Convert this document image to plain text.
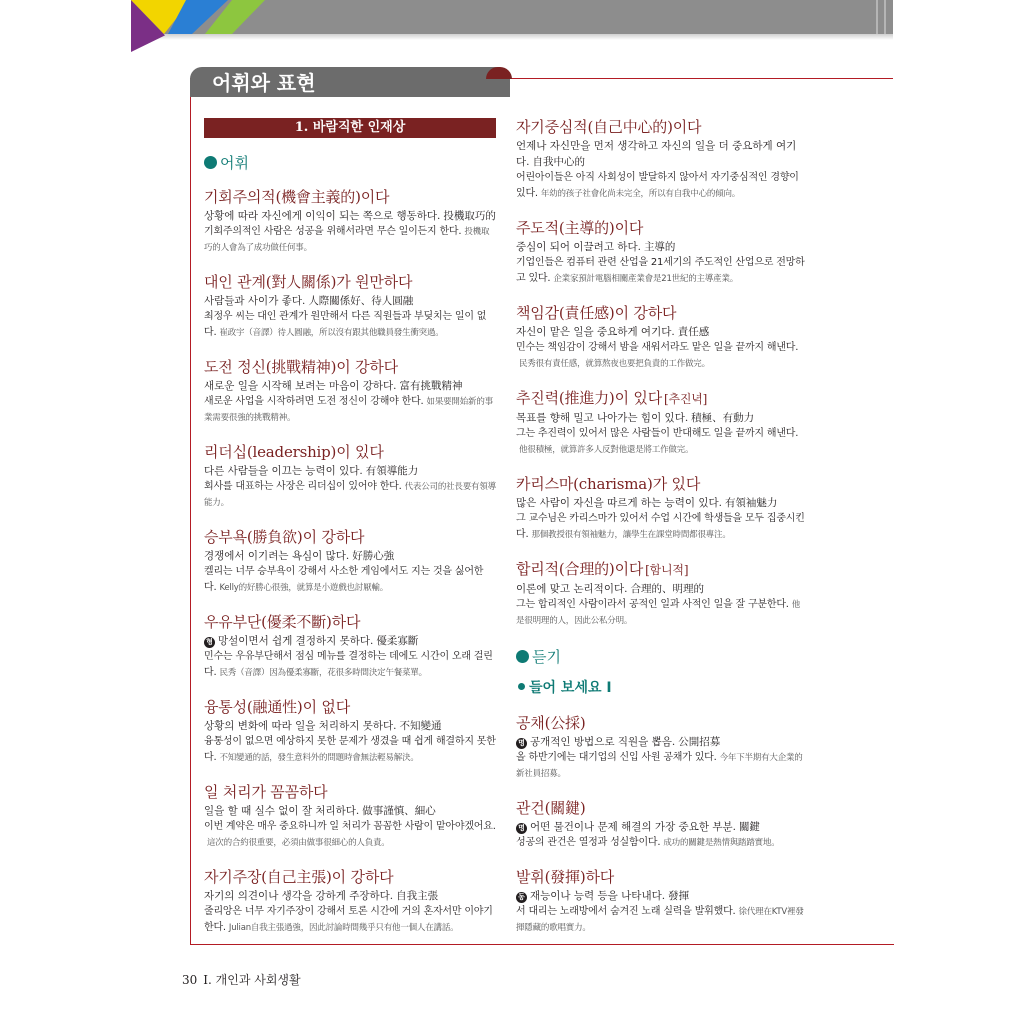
어휘와 표현
1. 바람직한 인재상
어휘
기회주의적(機會主義的)이다
상황에 따라 자신에게 이익이 되는 쪽으로 행동하다. 投機取巧的
기회주의적인 사람은 성공을 위해서라면 무슨 일이든지 한다. 投機取巧的人會為了成功做任何事。
대인 관계(對人關係)가 원만하다
사람들과 사이가 좋다. 人際關係好、待人圓融
최정우 씨는 대인 관계가 원만해서 다른 직원들과 부딪치는 일이 없다. 崔政宇（音譯）待人圓融，所以沒有跟其他職員發生衝突過。
도전 정신(挑戰精神)이 강하다
새로운 일을 시작해 보려는 마음이 강하다. 富有挑戰精神
새로운 사업을 시작하려면 도전 정신이 강해야 한다. 如果要開始新的事業需要很強的挑戰精神。
리더십(leadership)이 있다
다른 사람들을 이끄는 능력이 있다. 有領導能力
회사를 대표하는 사장은 리더십이 있어야 한다. 代表公司的社長要有領導能力。
승부욕(勝負欲)이 강하다
경쟁에서 이기려는 욕심이 많다. 好勝心強
켈리는 너무 승부욕이 강해서 사소한 게임에서도 지는 것을 싫어한다. Kelly的好勝心很強，就算是小遊戲也討厭輸。
우유부단(優柔不斷)하다
형 망설이면서 쉽게 결정하지 못하다. 優柔寡斷
민수는 우유부단해서 점심 메뉴를 결정하는 데에도 시간이 오래 걸린다. 民秀（音譯）因為優柔寡斷，花很多時間決定午餐菜單。
융통성(融通性)이 없다
상황의 변화에 따라 일을 처리하지 못하다. 不知變通
융통성이 없으면 예상하지 못한 문제가 생겼을 때 쉽게 해결하지 못한다. 不知變通的話，發生意料外的問題時會無法輕易解決。
일 처리가 꼼꼼하다
일을 할 때 실수 없이 잘 처리하다. 做事謹慎、細心
이번 계약은 매우 중요하니까 일 처리가 꼼꼼한 사람이 맡아야겠어요.這次的合約很重要，必須由做事很細心的人負責。
자기주장(自己主張)이 강하다
자기의 의견이나 생각을 강하게 주장하다. 自我主張
줄리앙은 너무 자기주장이 강해서 토론 시간에 거의 혼자서만 이야기한다. Julian自我主張過強，因此討論時間幾乎只有他一個人在講話。
자기중심적(自己中心的)이다
언제나 자신만을 먼저 생각하고 자신의 일을 더 중요하게 여기다. 自我中心的
어린아이들은 아직 사회성이 발달하지 않아서 자기중심적인 경향이 있다. 年幼的孩子社會化尚未完全，所以有自我中心的傾向。
주도적(主導的)이다
중심이 되어 이끌려고 하다. 主導的
기업인들은 컴퓨터 관련 산업을 21세기의 주도적인 산업으로 전망하고 있다. 企業家預計電腦相關產業會是21世紀的主導產業。
책임감(責任感)이 강하다
자신이 맡은 일을 중요하게 여기다. 責任感
민수는 책임감이 강해서 밤을 새워서라도 맡은 일을 끝까지 해낸다.民秀很有責任感，就算熬夜也要把負責的工作做完。
추진력(推進力)이 있다 [추진녁]
목표를 향해 밀고 나아가는 힘이 있다. 積極、有動力
그는 추진력이 있어서 많은 사람들이 반대해도 일을 끝까지 해낸다.他很積極，就算許多人反對他還是將工作做完。
카리스마(charisma)가 있다
많은 사람이 자신을 따르게 하는 능력이 있다. 有領袖魅力
그 교수님은 카리스마가 있어서 수업 시간에 학생들을 모두 집중시킨다. 那個教授很有領袖魅力，讓學生在課堂時間都很專注。
합리적(合理的)이다 [함니적]
이론에 맞고 논리적이다. 合理的、明理的
그는 합리적인 사람이라서 공적인 일과 사적인 일을 잘 구분한다. 他是很明理的人，因此公私分明。
듣기
들어 보세요 I
공채(公採)
명 공개적인 방법으로 직원을 뽑음. 公開招募
올 하반기에는 대기업의 신입 사원 공채가 있다. 今年下半期有大企業的新社員招募。
관건(關鍵)
명 어떤 물건이나 문제 해결의 가장 중요한 부분. 關鍵
성공의 관건은 열정과 성실함이다. 成功的關鍵是熱情與踏踏實地。
발휘(發揮)하다
동 재능이나 능력 등을 나타내다. 發揮
서 대리는 노래방에서 숨겨진 노래 실력을 발휘했다. 徐代理在KTV裡發揮隱藏的歌唱實力。
30 I. 개인과 사회생활
